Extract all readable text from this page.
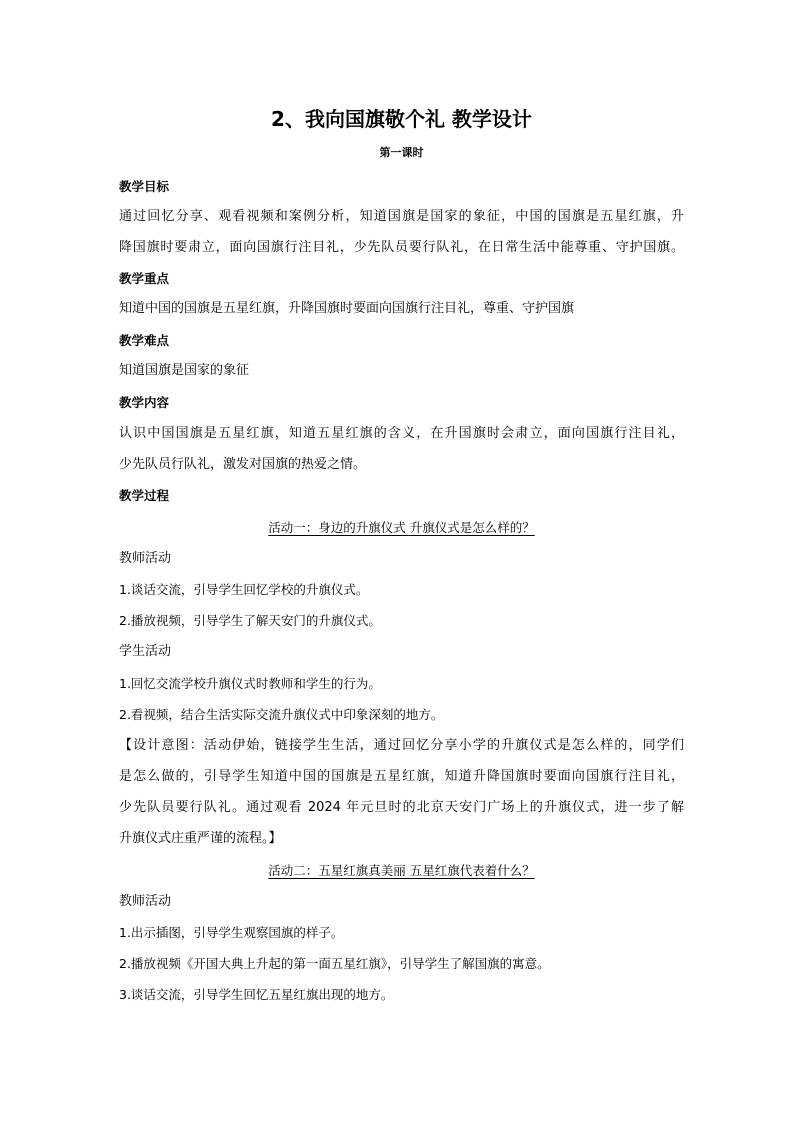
2、我向国旗敬个礼 教学设计
第一课时
教学目标
通过回忆分享、观看视频和案例分析，知道国旗是国家的象征，中国的国旗是五星红旗，升
降国旗时要肃立，面向国旗行注目礼，少先队员要行队礼，在日常生活中能尊重、守护国旗。
教学重点
知道中国的国旗是五星红旗，升降国旗时要面向国旗行注目礼，尊重、守护国旗
教学难点
知道国旗是国家的象征
教学内容
认识中国国旗是五星红旗，知道五星红旗的含义，在升国旗时会肃立，面向国旗行注目礼，
少先队员行队礼，激发对国旗的热爱之情。
教学过程
活动一：身边的升旗仪式 升旗仪式是怎么样的？
教师活动
1.谈话交流，引导学生回忆学校的升旗仪式。
2.播放视频，引导学生了解天安门的升旗仪式。
学生活动
1.回忆交流学校升旗仪式时教师和学生的行为。
2.看视频，结合生活实际交流升旗仪式中印象深刻的地方。
【设计意图：活动伊始，链接学生生活，通过回忆分享小学的升旗仪式是怎么样的，同学们
是怎么做的，引导学生知道中国的国旗是五星红旗，知道升降国旗时要面向国旗行注目礼，
少先队员要行队礼。通过观看 2024 年元旦时的北京天安门广场上的升旗仪式，进一步了解
升旗仪式庄重严谨的流程。】
活动二：五星红旗真美丽 五星红旗代表着什么？
教师活动
1.出示插图，引导学生观察国旗的样子。
2.播放视频《开国大典上升起的第一面五星红旗》，引导学生了解国旗的寓意。
3.谈话交流，引导学生回忆五星红旗出现的地方。
